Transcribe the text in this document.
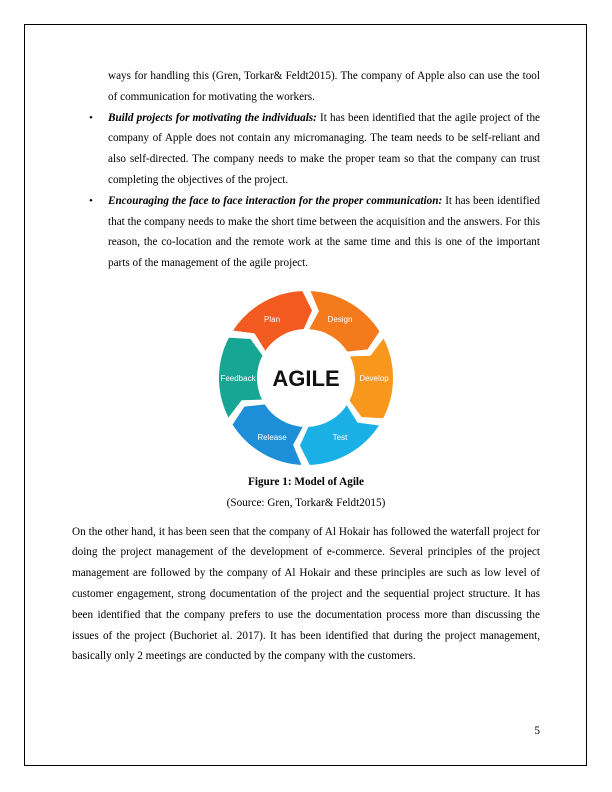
ways for handling this (Gren, Torkar& Feldt2015). The company of Apple also can use the tool of communication for motivating the workers.
• Build projects for motivating the individuals: It has been identified that the agile project of the company of Apple does not contain any micromanaging. The team needs to be self-reliant and also self-directed. The company needs to make the proper team so that the company can trust completing the objectives of the project.
• Encouraging the face to face interaction for the proper communication: It has been identified that the company needs to make the short time between the acquisition and the answers. For this reason, the co-location and the remote work at the same time and this is one of the important parts of the management of the agile project.
AGILE
Plan	Design
Develop
Test
Release
Feedback
Figure 1: Model of Agile
(Source: Gren, Torkar& Feldt2015)
On the other hand, it has been seen that the company of Al Hokair has followed the waterfall project for doing the project management of the development of e-commerce. Several principles of the project management are followed by the company of Al Hokair and these principles are such as low level of customer engagement, strong documentation of the project and the sequential project structure. It has been identified that the company prefers to use the documentation process more than discussing the issues of the project (Buchoriet al. 2017). It has been identified that during the project management, basically only 2 meetings are conducted by the company with the customers.
5
